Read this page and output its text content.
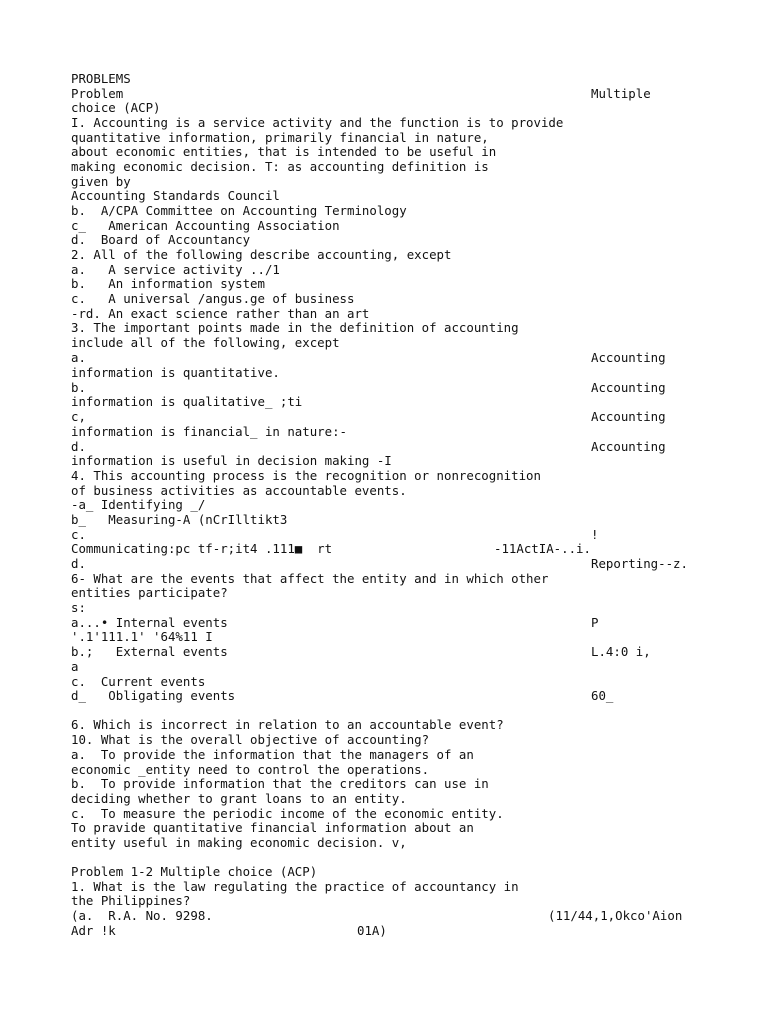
PROBLEMS
Problem	Multiple
choice (ACP)
I. Accounting is a service activity and the function is to provide
quantitative information, primarily financial in nature,
about economic entities, that is intended to be useful in
making economic decision. T: as accounting definition is
given by
Accounting Standards Council
b.  A/CPA Committee on Accounting Terminology
c_   American Accounting Association
d.  Board of Accountancy
2. All of the following describe accounting, except
a.   A service activity ../1
b.   An information system
c.   A universal /angus.ge of business
-rd. An exact science rather than an art
3. The important points made in the definition of accounting
include all of the following, except
a.	Accounting
information is quantitative.
b.	Accounting
information is qualitative_ ;ti
c,	Accounting
information is financial_ in nature:-
d.	Accounting
information is useful in decision making -I
4. This accounting process is the recognition or nonrecognition
of business activities as accountable events.
-a_ Identifying _/
b_   Measuring-A (nCrIlltikt3
c.	!
Communicating:pc tf-r;it4 .111■  rt	-11ActIA-..i.
d.	Reporting--z.
6- What are the events that affect the entity and in which other
entities participate?
s:
a...• Internal events	P
'.1'111.1' '64%11 I
b.;   External events	L.4:0 i,
a
c.  Current events
d_   Obligating events	60_
6. Which is incorrect in relation to an accountable event?
10. What is the overall objective of accounting?
a.  To provide the information that the managers of an
economic _entity need to control the operations.
b.  To provide information that the creditors can use in
deciding whether to grant loans to an entity.
c.  To measure the periodic income of the economic entity.
To pravide quantitative financial information about an
entity useful in making economic decision. v,
Problem 1-2 Multiple choice (ACP)
1. What is the law regulating the practice of accountancy in
the Philippines?
(a.  R.A. No. 9298.	(11/44,1,Okco'Aion
Adr !k	01A)
